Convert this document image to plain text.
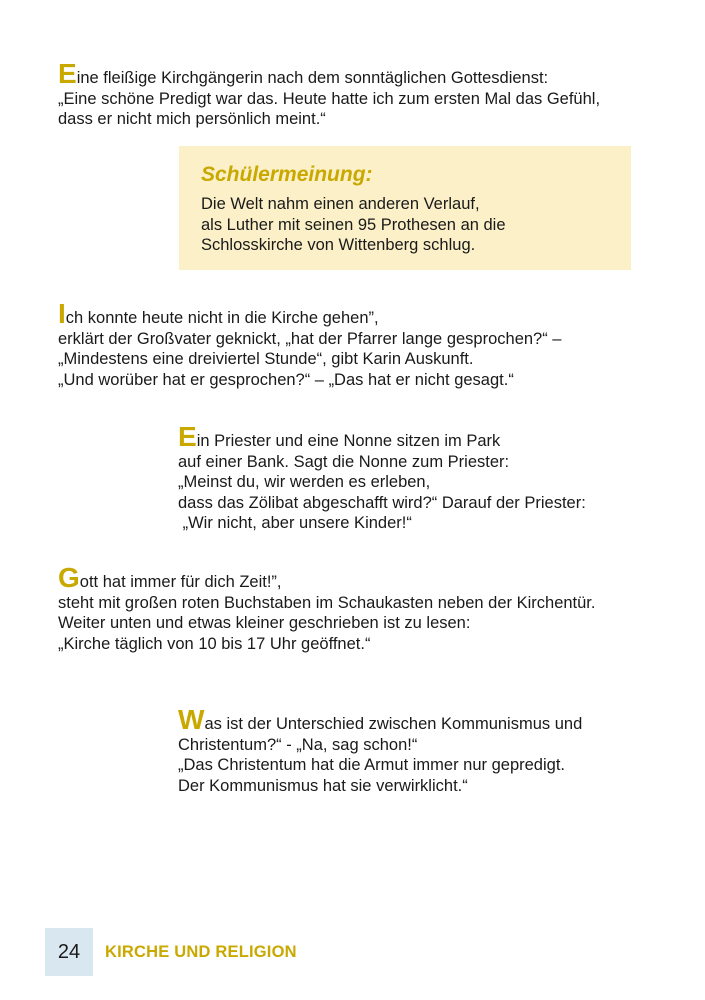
Eine fleißige Kirchgängerin nach dem sonntäglichen Gottesdienst:

„Eine schöne Predigt war das. Heute hatte ich zum ersten Mal das Gefühl,

dass er nicht mich persönlich meint.“

Schülermeinung:

Die Welt nahm einen anderen Verlauf,

als Luther mit seinen 95 Prothesen an die

Schlosskirche von Wittenberg schlug.

Ich konnte heute nicht in die Kirche gehen”,

erklärt der Großvater geknickt, „hat der Pfarrer lange gesprochen?“ –

„Mindestens eine dreiviertel Stunde“, gibt Karin Auskunft.

„Und worüber hat er gesprochen?“ – „Das hat er nicht gesagt.“

Ein Priester und eine Nonne sitzen im Park

auf einer Bank. Sagt die Nonne zum Priester:

„Meinst du, wir werden es erleben,

dass das Zölibat abgeschafft wird?“ Darauf der Priester:

„Wir nicht, aber unsere Kinder!“

Gott hat immer für dich Zeit!”,

steht mit großen roten Buchstaben im Schaukasten neben der Kirchentür.

Weiter unten und etwas kleiner geschrieben ist zu lesen:

„Kirche täglich von 10 bis 17 Uhr geöffnet.“

Was ist der Unterschied zwischen Kommunismus und

Christentum?“ - „Na, sag schon!“

„Das Christentum hat die Armut immer nur gepredigt.

Der Kommunismus hat sie verwirklicht.“

24	KIRCHE UND RELIGION
